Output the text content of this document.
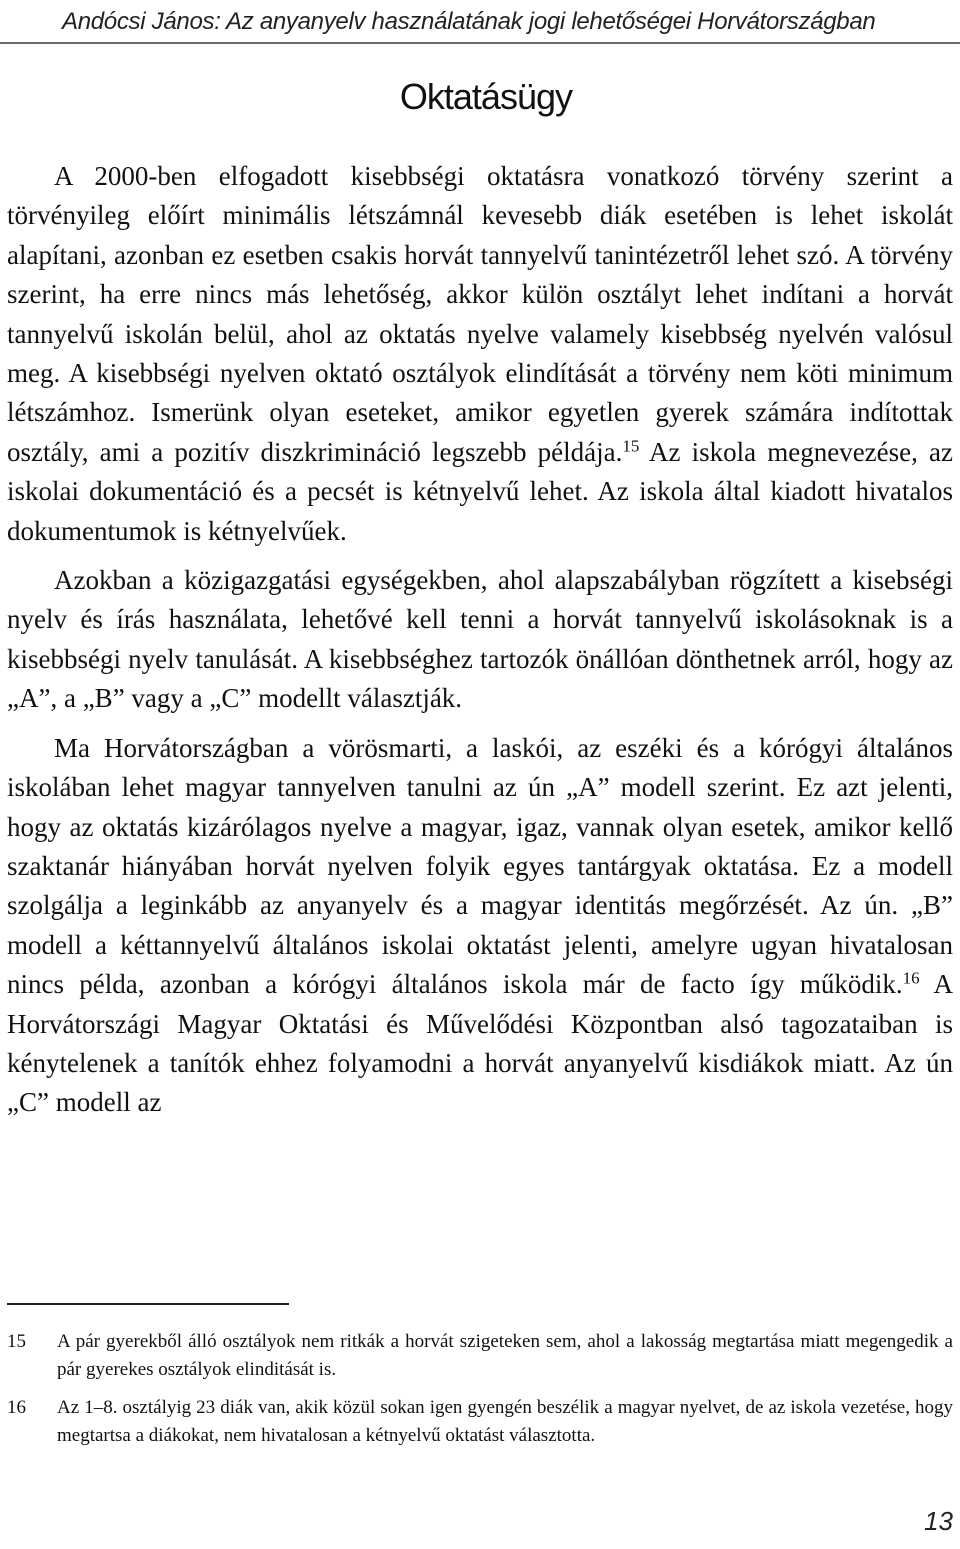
Andócsi János: Az anyanyelv használatának jogi lehetőségei Horvátországban
Oktatásügy

A 2000-ben elfogadott kisebbségi oktatásra vonatkozó törvény szerint a törvényileg előírt minimális létszámnál kevesebb diák esetében is lehet iskolát alapítani, azonban ez esetben csakis horvát tannyelvű tanintézetről lehet szó. A törvény szerint, ha erre nincs más lehetőség, akkor külön osztályt lehet indítani a horvát tannyelvű iskolán belül, ahol az oktatás nyelve valamely kisebbség nyelvén valósul meg. A kisebbségi nyelven oktató osztályok elindítását a törvény nem köti minimum létszámhoz. Ismerünk olyan eseteket, amikor egyetlen gyerek számára indítottak osztály, ami a pozitív diszkrimináció legszebb példája.$^{15}$ Az iskola megnevezése, az iskolai dokumentáció és a pecsét is kétnyelvű lehet. Az iskola által kiadott hivatalos dokumentumok is kétnyelvűek.

Azokban a közigazgatási egységekben, ahol alapszabályban rögzített a kisebségi nyelv és írás használata, lehetővé kell tenni a horvát tannyelvű iskolásoknak is a kisebbségi nyelv tanulását. A kisebbséghez tartozók önállóan dönthetnek arról, hogy az „A”, a „B” vagy a „C” modellt választják.

Ma Horvátországban a vörösmarti, a laskói, az eszéki és a kórógyi általános iskolában lehet magyar tannyelven tanulni az ún „A” modell szerint. Ez azt jelenti, hogy az oktatás kizárólagos nyelve a magyar, igaz, vannak olyan esetek, amikor kellő szaktanár hiányában horvát nyelven folyik egyes tantárgyak oktatása. Ez a modell szolgálja a leginkább az anyanyelv és a magyar identitás megőrzését. Az ún. „B” modell a kéttannyelvű általános iskolai oktatást jelenti, amelyre ugyan hivatalosan nincs példa, azonban a kórógyi általános iskola már de facto így működik.$^{16}$ A Horvátországi Magyar Oktatási és Művelődési Központban alsó tagozataiban is kénytelenek a tanítók ehhez folyamodni a horvát anyanyelvű kisdiákok miatt. Az ún „C” modell az

15	A pár gyerekből álló osztályok nem ritkák a horvát szigeteken sem, ahol a lakosság megtartása miatt megengedik a pár gyerekes osztályok elinditását is.
16	Az 1–8. osztályig 23 diák van, akik közül sokan igen gyengén beszélik a magyar nyelvet, de az iskola vezetése, hogy megtartsa a diákokat, nem hivatalosan a kétnyelvű oktatást választotta.
13
